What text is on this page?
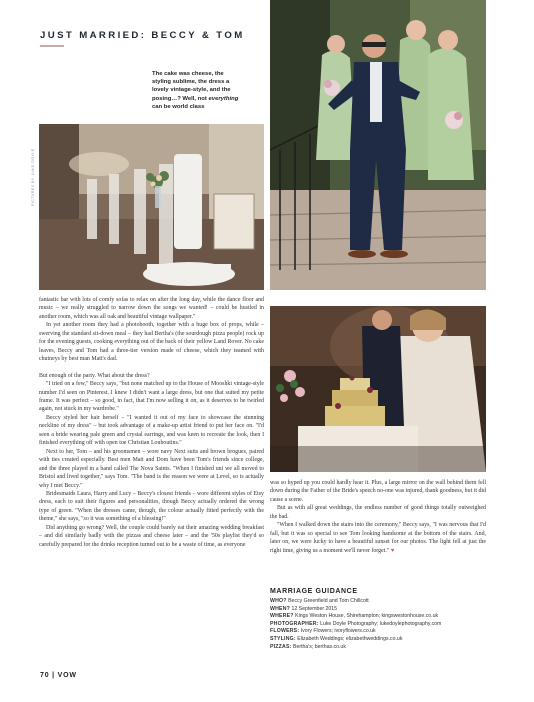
JUST MARRIED: BECCY & TOM
The cake was cheese, the
styling sublime, the dress a
lovely vintage-style, and the
posing…? Well, not everything
can be world class
PICTURES BY: LUKE DOYLE

fantastic bar with lots of comfy sofas to relax on after the long day, while the dance floor and music – we really struggled to narrow down the songs we wanted! – could be hustled in another room, which was all oak and beautiful vintage wallpaper."

In yet another room they had a photobooth, together with a huge box of props, while – swerving the standard sit-down meal – they had Bertha's (the sourdough pizza people) rock up for the evening guests, cooking everything out of the back of their yellow Land Rover. No cake leaves, Beccy and Tom had a three-tier version made of cheese, which they teamed with chutneys by best man Matt's dad.

But enough of the party. What about the dress?

"I tried on a few," Beccy says, "but none matched up to the House of Mooshki vintage-style number I'd seen on Pinterest. I knew I didn't want a large dress, but one that suited my petite frame. It was perfect – so good, in fact, that I'm now selling it on, as it deserves to be twirled again, not stuck in my wardrobe."

Beccy styled her hair herself – "I wanted it out of my face to showcase the stunning neckline of my dress" – but took advantage of a make-up artist friend to put her face on. "I'd seen a bride wearing pale green and crystal earrings, and was keen to recreate the look, then I finished everything off with open toe Christian Louboutins."

Next to her, Tom – and his groomsmen – wore navy Next suits and brown brogues, paired with ties created especially. Best men Matt and Dom have been Tom's friends since college, and the three played in a band called The Nova Saints. "When I finished uni we all moved to Bristol and lived together," says Tom. "The band is the reason we were at Level, so is actually why I met Beccy."

Bridesmaids Laura, Harry and Lucy – Beccy's closest friends – wore different styles of Etsy dress, each to suit their figures and personalities, though Beccy actually ordered the wrong type of green. "When the dresses came, though, the colour actually fitted perfectly with the theme," she says, "so it was something of a blessing!"

Did anything go wrong? Well, the couple could barely eat their amazing wedding breakfast – and did similarly badly with the pizzas and cheese later – and the '50s playlist they'd so carefully prepared for the drinks reception turned out to be a waste of time, as everyone

was so hyped up you could hardly hear it. Plus, a large mirror on the wall behind them fell down during the Father of the Bride's speech no-one was injured, thank goodness, but it did cause a scene.

But as with all great weddings, the endless number of good things totally outweighed the bad.

"When I walked down the stairs into the ceremony," Beccy says, "I was nervous that I'd fall, but it was so special to see Tom looking handsome at the bottom of the stairs. And, later on, we were lucky to have a beautiful sunset for our photos. The light fell at just the right time, giving us a moment we'll never forget." ♥

MARRIAGE GUIDANCE
WHO? Beccy Greenfield and Tom Chillcott
WHEN? 12 September 2015
WHERE? Kings Weston House, Shirehampton; kingswestonhouse.co.uk
PHOTOGRAPHER: Luke Doyle Photography; lukedoylephotography.com
FLOWERS: Ivory Flowers; ivoryflowers.co.uk
STYLING: Elizabeth Weddings; elizabethweddings.co.uk
PIZZAS: Bertha's; berthas.co.uk
70 | VOW
